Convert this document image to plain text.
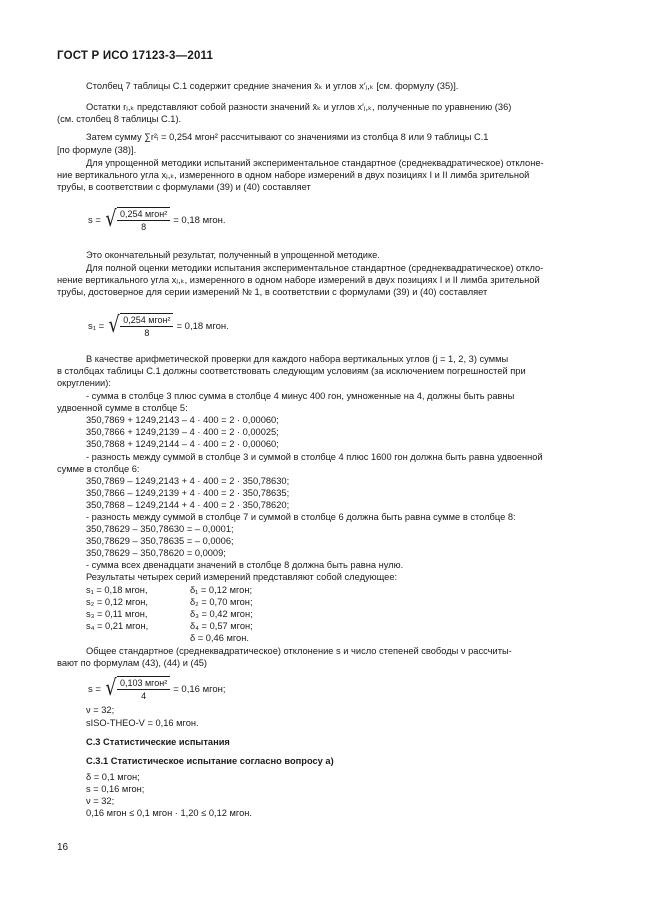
ГОСТ Р ИСО 17123-3—2011
Столбец 7 таблицы С.1 содержит средние значения x̄ₖ и углов x′ⱼ,ₖ [см. формулу (35)].
Остатки rⱼ,ₖ представляют собой разности значений x̄ₖ и углов x′ⱼ,ₖ, полученные по уравнению (36)
(см. столбец 8 таблицы С.1).
Затем сумму ∑r²ᵢ = 0,254 мгон² рассчитывают со значениями из столбца 8 или 9 таблицы С.1
[по формуле (38)].
Для упрощенной методики испытаний экспериментальное стандартное (среднеквадратическое) отклоне-
ние вертикального угла xⱼ,ₖ, измеренного в одном наборе измерений в двух позициях I и II лимба зрительной
трубы, в соответствии с формулами (39) и (40) составляет
s = √ $\frac{\text{0,254 мгон²}}{8} = 0,18$ мгон.
Это окончательный результат, полученный в упрощенной методике.
Для полной оценки методики испытания экспериментальное стандартное (среднеквадратическое) откло-
нение вертикального угла xⱼ,ₖ, измеренного в одном наборе измерений в двух позициях I и II лимба зрительной
трубы, достоверное для серии измерений № 1, в соответствии с формулами (39) и (40) составляет
s₁ = √ $\frac{\text{0,254 мгон²}}{8} = 0,18$ мгон.
В качестве арифметической проверки для каждого набора вертикальных углов (j = 1, 2, 3) суммы
в столбцах таблицы С.1 должны соответствовать следующим условиям (за исключением погрешностей при
округлении):
- сумма в столбце 3 плюс сумма в столбце 4 минус 400 гон, умноженные на 4, должны быть равны
удвоенной сумме в столбце 5:
350,7869 + 1249,2143 – 4 · 400 = 2 · 0,00060;
350,7866 + 1249,2139 – 4 · 400 = 2 · 0,00025;
350,7868 + 1249,2144 – 4 · 400 = 2 · 0,00060;
- разность между суммой в столбце 3 и суммой в столбце 4 плюс 1600 гон должна быть равна удвоенной
сумме в столбце 6:
350,7869 – 1249,2143 + 4 · 400 = 2 · 350,78630;
350,7866 – 1249,2139 + 4 · 400 = 2 · 350,78635;
350,7868 – 1249,2144 + 4 · 400 = 2 · 350,78620;
- разность между суммой в столбце 7 и суммой в столбце 6 должна быть равна сумме в столбце 8:
350,78629 – 350,78630 = – 0,0001;
350,78629 – 350,78635 = – 0,0006;
350,78629 – 350,78620 = 0,0009;
- сумма всех двенадцати значений в столбце 8 должна быть равна нулю.
Результаты четырех серий измерений представляют собой следующее:
s₁ = 0,18 мгон,
s₂ = 0,12 мгон,
s₃ = 0,11 мгон,
s₄ = 0,21 мгон,
δ₁ = 0,12 мгон;
δ₂ = 0,70 мгон;
δ₃ = 0,42 мгон;
δ₄ = 0,57 мгон;
δ = 0,46 мгон.
Общее стандартное (среднеквадратическое) отклонение s и число степеней свободы ν рассчиты-
вают по формулам (43), (44) и (45)
s = √ $\frac{\text{0,103 мгон²}}{4} = 0,16$ мгон;
ν = 32;
sISO-THEO-V = 0,16 мгон.
С.3 Статистические испытания
С.3.1 Статистическое испытание согласно вопросу а)
δ = 0,1 мгон;
s = 0,16 мгон;
ν = 32;
0,16 мгон ≤ 0,1 мгон · 1,20 ≤ 0,12 мгон.
16
